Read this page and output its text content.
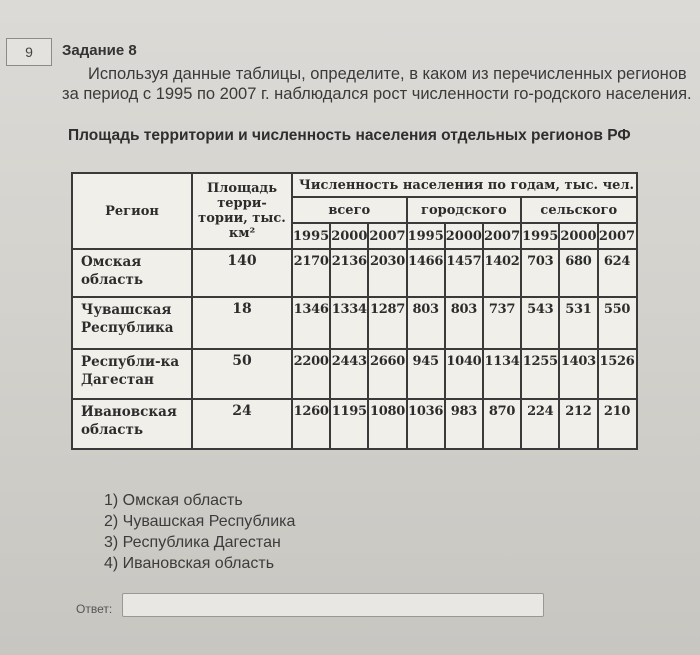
9	Задание 8
Используя данные таблицы, определите, в каком из перечисленных регионов за период с 1995 по 2007 г. наблюдался рост численности го-родского населения.
Площадь территории и численность населения отдельных регионов РФ
Регион	Площадь терри-тории, тыс. км²	Численность населения по годам, тыс. чел.								
		всего			городского			сельского		
		1995	2000	2007	1995	2000	2007	1995	2000	2007
Омская область	140	2170	2136	2030	1466	1457	1402	703	680	624
Чувашская Республика	18	1346	1334	1287	803	803	737	543	531	550
Республи-ка Дагестан	50	2200	2443	2660	945	1040	1134	1255	1403	1526
Ивановская область	24	1260	1195	1080	1036	983	870	224	212	210
1) Омская область
2) Чувашская Республика
3) Республика Дагестан
4) Ивановская область
Ответ:
